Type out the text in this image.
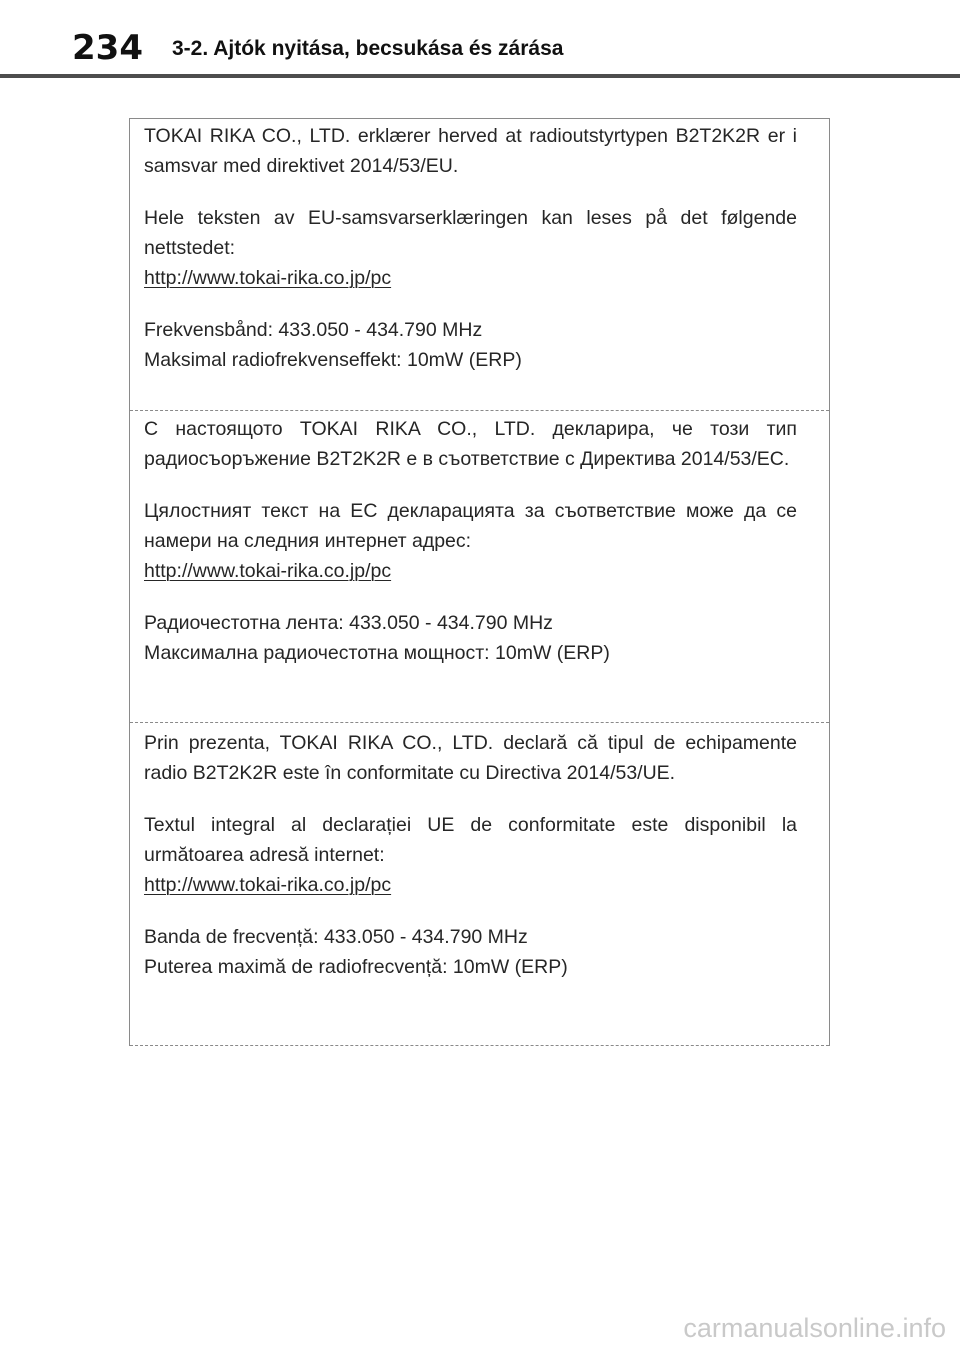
234 3-2. Ajtók nyitása, becsukása és zárása

TOKAI RIKA CO., LTD. erklærer herved at radioutstyrtypen B2T2K2R er i samsvar med direktivet 2014/53/EU.

Hele teksten av EU-samsvarserklæringen kan leses på det følgende nettstedet:

http://www.tokai-rika.co.jp/pc

Frekvensbånd: 433.050 - 434.790 MHz

Maksimal radiofrekvenseffekt: 10mW (ERP)

С настоящото TOKAI RIKA CO., LTD. декларира, че този тип радиосъоръжение B2T2K2R е в съответствие с Директива 2014/53/ЕС.

Цялостният текст на ЕС декларацията за съответствие може да се намери на следния интернет адрес:

http://www.tokai-rika.co.jp/pc

Радиочестотна лента: 433.050 - 434.790 MHz

Максимална радиочестотна мощност: 10mW (ERP)

Prin prezenta, TOKAI RIKA CO., LTD. declară că tipul de echipamente radio B2T2K2R este în conformitate cu Directiva 2014/53/UE.

Textul integral al declarației UE de conformitate este disponibil la următoarea adresă internet:

http://www.tokai-rika.co.jp/pc

Banda de frecvență: 433.050 - 434.790 MHz

Puterea maximă de radiofrecvență: 10mW (ERP)

carmanualsonline.info
